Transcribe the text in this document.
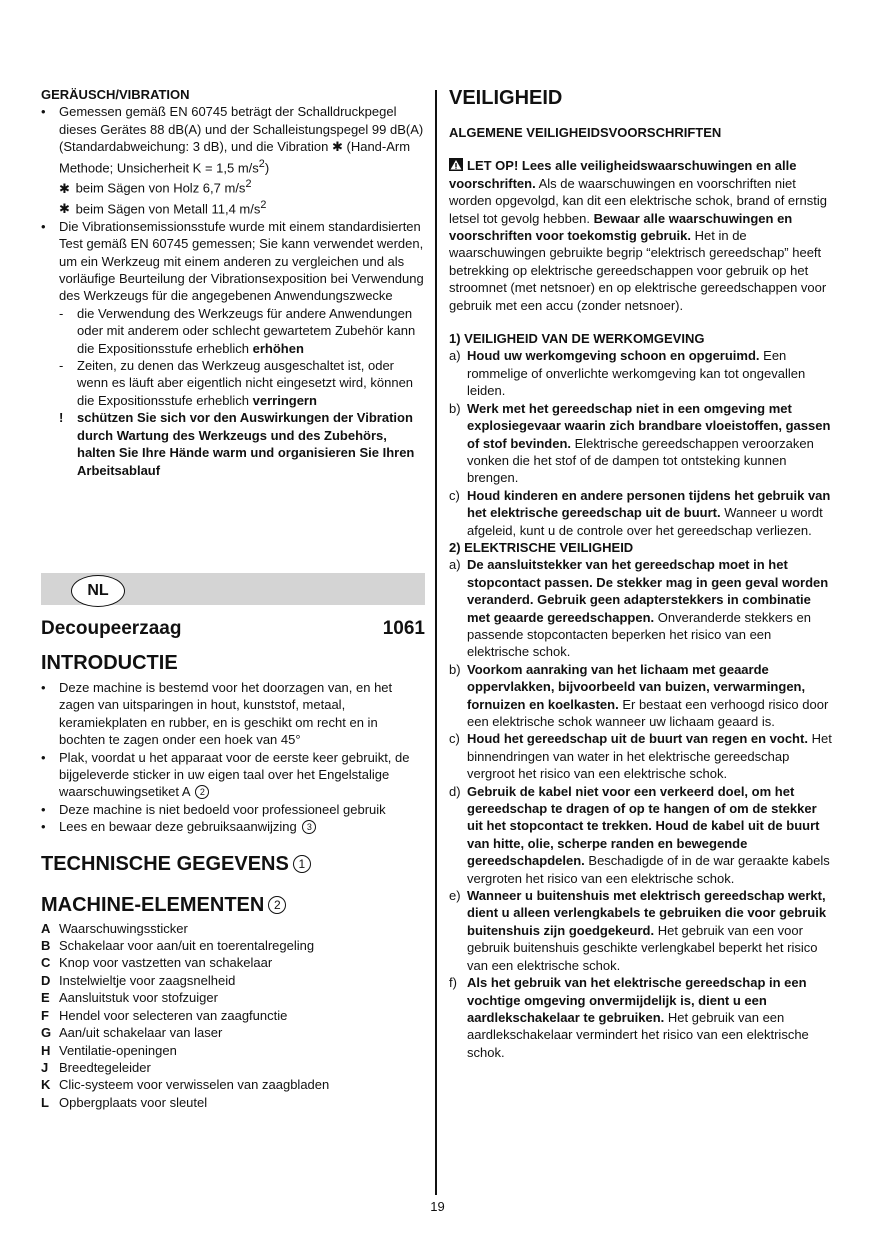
GERÄUSCH/VIBRATION

• Gemessen gemäß EN 60745 beträgt der Schalldruckpegel dieses Gerätes 88 dB(A) und der Schalleistungspegel 99 dB(A) (Standardabweichung: 3 dB), und die Vibration ✱ (Hand-Arm Methode; Unsicherheit K = 1,5 $m/s^2$)
✱ beim Sägen von Holz 6,7 $m/s^2$
✱ beim Sägen von Metall 11,4 $m/s^2$
• Die Vibrationsemissionsstufe wurde mit einem standardisierten Test gemäß EN 60745 gemessen; Sie kann verwendet werden, um ein Werkzeug mit einem anderen zu vergleichen und als vorläufige Beurteilung der Vibrationsexposition bei Verwendung des Werkzeugs für die angegebenen Anwendungszwecke
- die Verwendung des Werkzeugs für andere Anwendungen oder mit anderem oder schlecht gewartetem Zubehör kann die Expositionsstufe erheblich erhöhen
- Zeiten, zu denen das Werkzeug ausgeschaltet ist, oder wenn es läuft aber eigentlich nicht eingesetzt wird, können die Expositionsstufe erheblich verringern
! schützen Sie sich vor den Auswirkungen der Vibration durch Wartung des Werkzeugs und des Zubehörs, halten Sie Ihre Hände warm und organisieren Sie Ihren Arbeitsablauf
NL
Decoupeerzaag	1061
INTRODUCTIE
• Deze machine is bestemd voor het doorzagen van, en het zagen van uitsparingen in hout, kunststof, metaal, keramiekplaten en rubber, en is geschikt om recht en in bochten te zagen onder een hoek van 45°
• Plak, voordat u het apparaat voor de eerste keer gebruikt, de bijgeleverde sticker in uw eigen taal over het Engelstalige waarschuwingsetiket A 2
• Deze machine is niet bedoeld voor professioneel gebruik
• Lees en bewaar deze gebruiksaanwijzing 3
TECHNISCHE GEGEVENS 1
MACHINE-ELEMENTEN 2
A Waarschuwingssticker
B Schakelaar voor aan/uit en toerentalregeling
C Knop voor vastzetten van schakelaar
D Instelwieltje voor zaagsnelheid
E Aansluitstuk voor stofzuiger
F Hendel voor selecteren van zaagfunctie
G Aan/uit schakelaar van laser
H Ventilatie-openingen
J Breedtegeleider
K Clic-systeem voor verwisselen van zaagbladen
L Opbergplaats voor sleutel
VEILIGHEID

ALGEMENE VEILIGHEIDSVOORSCHRIFTEN

LET OP! Lees alle veiligheidswaarschuwingen en alle voorschriften. Als de waarschuwingen en voorschriften niet worden opgevolgd, kan dit een elektrische schok, brand of ernstig letsel tot gevolg hebben. Bewaar alle waarschuwingen en voorschriften voor toekomstig gebruik. Het in de waarschuwingen gebruikte begrip “elektrisch gereedschap” heeft betrekking op elektrische gereedschappen voor gebruik op het stroomnet (met netsnoer) en op elektrische gereedschappen voor gebruik met een accu (zonder netsnoer).

1) VEILIGHEID VAN DE WERKOMGEVING

a) Houd uw werkomgeving schoon en opgeruimd. Een rommelige of onverlichte werkomgeving kan tot ongevallen leiden.
b) Werk met het gereedschap niet in een omgeving met explosiegevaar waarin zich brandbare vloeistoffen, gassen of stof bevinden. Elektrische gereedschappen veroorzaken vonken die het stof of de dampen tot ontsteking kunnen brengen.
c) Houd kinderen en andere personen tijdens het gebruik van het elektrische gereedschap uit de buurt. Wanneer u wordt afgeleid, kunt u de controle over het gereedschap verliezen.

2) ELEKTRISCHE VEILIGHEID

a) De aansluitstekker van het gereedschap moet in het stopcontact passen. De stekker mag in geen geval worden veranderd. Gebruik geen adapterstekkers in combinatie met geaarde gereedschappen. Onveranderde stekkers en passende stopcontacten beperken het risico van een elektrische schok.
b) Voorkom aanraking van het lichaam met geaarde oppervlakken, bijvoorbeeld van buizen, verwarmingen, fornuizen en koelkasten. Er bestaat een verhoogd risico door een elektrische schok wanneer uw lichaam geaard is.
c) Houd het gereedschap uit de buurt van regen en vocht. Het binnendringen van water in het elektrische gereedschap vergroot het risico van een elektrische schok.
d) Gebruik de kabel niet voor een verkeerd doel, om het gereedschap te dragen of op te hangen of om de stekker uit het stopcontact te trekken. Houd de kabel uit de buurt van hitte, olie, scherpe randen en bewegende gereedschapdelen. Beschadigde of in de war geraakte kabels vergroten het risico van een elektrische schok.
e) Wanneer u buitenshuis met elektrisch gereedschap werkt, dient u alleen verlengkabels te gebruiken die voor gebruik buitenshuis zijn goedgekeurd. Het gebruik van een voor gebruik buitenshuis geschikte verlengkabel beperkt het risico van een elektrische schok.
f) Als het gebruik van het elektrische gereedschap in een vochtige omgeving onvermijdelijk is, dient u een aardlekschakelaar te gebruiken. Het gebruik van een aardlekschakelaar vermindert het risico van een elektrische schok.
19
